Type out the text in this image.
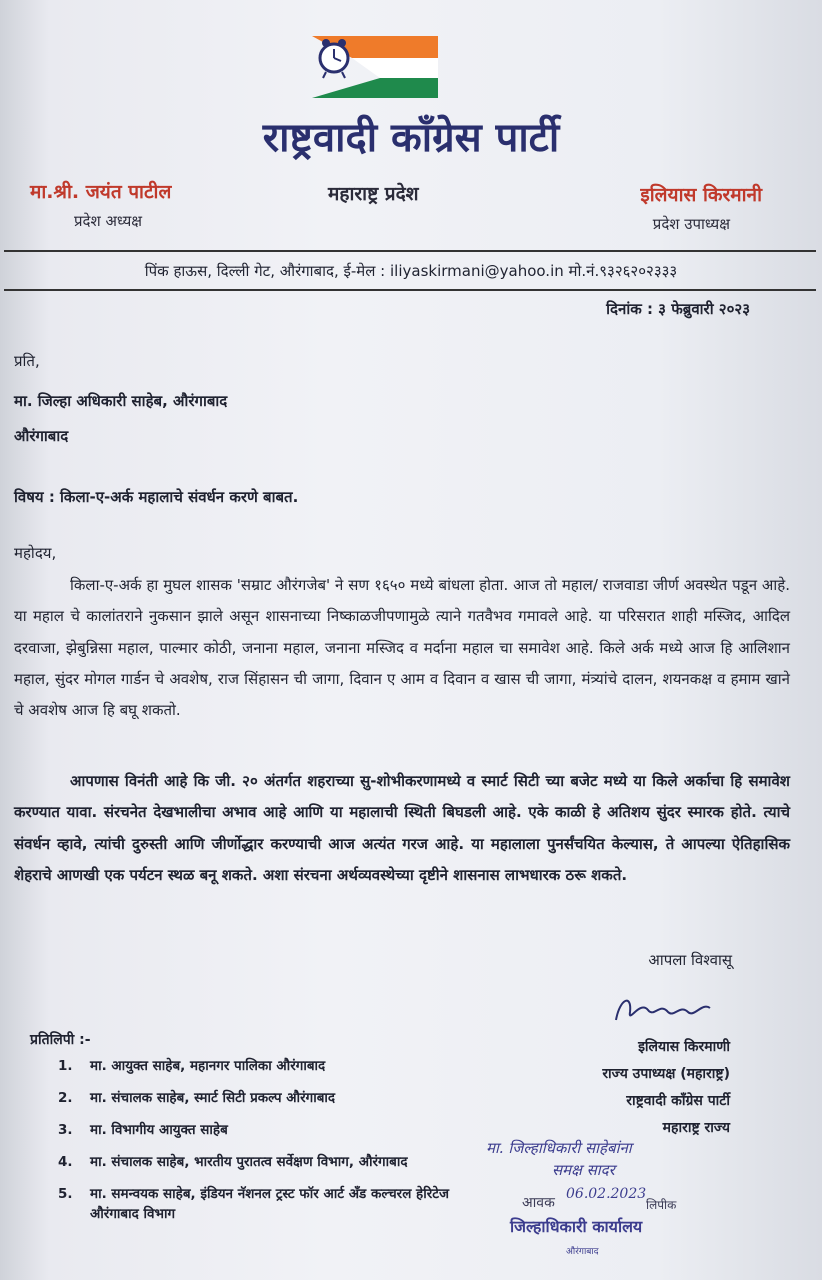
राष्ट्रवादी काँग्रेस पार्टी
मा.श्री. जयंत पाटील
प्रदेश अध्यक्ष
महाराष्ट्र प्रदेश	इलियास किरमानी
प्रदेश उपाध्यक्ष
पिंक हाऊस, दिल्ली गेट, औरंगाबाद, ई-मेल : iliyaskirmani@yahoo.in मो.नं.९३२६२०२३३३
दिनांक : ३ फेब्रुवारी २०२३
प्रति,
मा. जिल्हा अधिकारी साहेब, औरंगाबाद
औरंगाबाद
विषय : किला-ए-अर्क महालाचे संवर्धन करणे बाबत.
महोदय,

किला-ए-अर्क हा मुघल शासक 'सम्राट औरंगजेब' ने सण १६५० मध्ये बांधला होता. आज तो महाल/ राजवाडा जीर्ण अवस्थेत पडून आहे. या महाल चे कालांतराने नुकसान झाले असून शासनाच्या निष्काळजीपणामुळे त्याने गतवैभव गमावले आहे. या परिसरात शाही मस्जिद, आदिल दरवाजा, झेबुन्निसा महाल, पाल्मार कोठी, जनाना महाल, जनाना मस्जिद व मर्दाना महाल चा समावेश आहे. किले अर्क मध्ये आज हि आलिशान महाल, सुंदर मोगल गार्डन चे अवशेष, राज सिंहासन ची जागा, दिवान ए आम व दिवान व खास ची जागा, मंत्र्यांचे दालन, शयनकक्ष व हमाम खाने चे अवशेष आज हि बघू शकतो.

आपणास विनंती आहे कि जी. २० अंतर्गत शहराच्या सु-शोभीकरणामध्ये व स्मार्ट सिटी च्या बजेट मध्ये या किले अर्काचा हि समावेश करण्यात यावा. संरचनेत देखभालीचा अभाव आहे आणि या महालाची स्थिती बिघडली आहे. एके काळी हे अतिशय सुंदर स्मारक होते. त्याचे संवर्धन व्हावे, त्यांची दुरुस्ती आणि जीर्णोद्धार करण्याची आज अत्यंत गरज आहे. या महालाला पुनर्संचयित केल्यास, ते आपल्या ऐतिहासिक शेहराचे आणखी एक पर्यटन स्थळ बनू शकते. अशा संरचना अर्थव्यवस्थेच्या दृष्टीने शासनास लाभधारक ठरू शकते.

आपला विश्वासू
इलियास किरमाणी
राज्य उपाध्यक्ष (महाराष्ट्र)
राष्ट्रवादी काँग्रेस पार्टी
महाराष्ट्र राज्य
प्रतिलिपी :-
1.	मा. आयुक्त साहेब, महानगर पालिका औरंगाबाद
2.	मा. संचालक साहेब, स्मार्ट सिटी प्रकल्प औरंगाबाद
3.	मा. विभागीय आयुक्त साहेब
4.	मा. संचालक साहेब, भारतीय पुरातत्व सर्वेक्षण विभाग, औरंगाबाद
5.	मा. समन्वयक साहेब, इंडियन नॅशनल ट्रस्ट फॉर आर्ट अँड कल्चरल हेरिटेज औरंगाबाद विभाग
मा. जिल्हाधिकारी साहेबांना
समक्ष सादर
आवक
06.02.2023
लिपीक
जिल्हाधिकारी कार्यालय
औरंगाबाद
